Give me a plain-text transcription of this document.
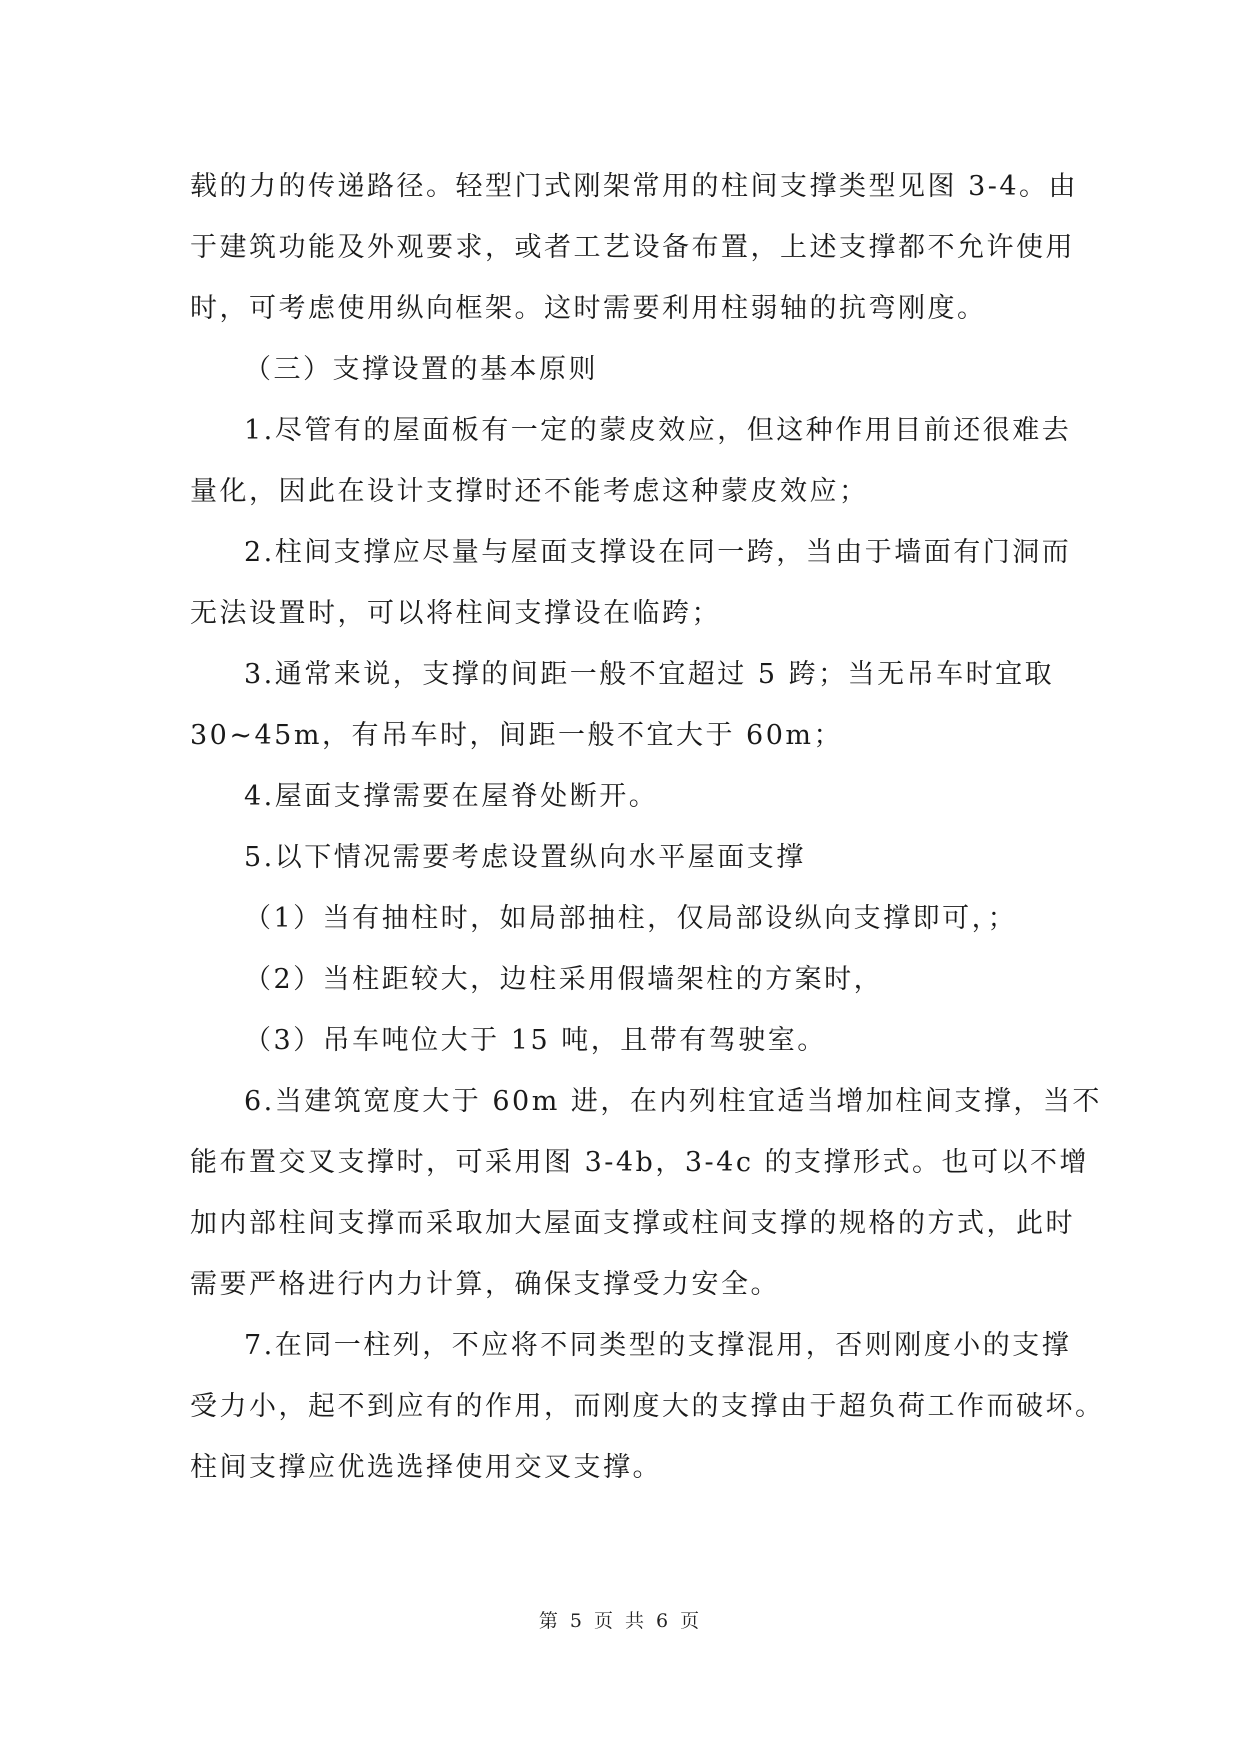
载的力的传递路径。轻型门式刚架常用的柱间支撑类型见图 3-4。由
于建筑功能及外观要求，或者工艺设备布置，上述支撑都不允许使用
时，可考虑使用纵向框架。这时需要利用柱弱轴的抗弯刚度。
（三）支撑设置的基本原则
1.尽管有的屋面板有一定的蒙皮效应，但这种作用目前还很难去
量化，因此在设计支撑时还不能考虑这种蒙皮效应；
2.柱间支撑应尽量与屋面支撑设在同一跨，当由于墙面有门洞而
无法设置时，可以将柱间支撑设在临跨；
3.通常来说，支撑的间距一般不宜超过 5 跨；当无吊车时宜取
30~45m，有吊车时，间距一般不宜大于 60m；
4.屋面支撑需要在屋脊处断开。
5.以下情况需要考虑设置纵向水平屋面支撑
（1）当有抽柱时，如局部抽柱，仅局部设纵向支撑即可，；
（2）当柱距较大，边柱采用假墙架柱的方案时，
（3）吊车吨位大于 15 吨，且带有驾驶室。
6.当建筑宽度大于 60m 进，在内列柱宜适当增加柱间支撑，当不
能布置交叉支撑时，可采用图 3-4b，3-4c 的支撑形式。也可以不增
加内部柱间支撑而采取加大屋面支撑或柱间支撑的规格的方式，此时
需要严格进行内力计算，确保支撑受力安全。
7.在同一柱列，不应将不同类型的支撑混用，否则刚度小的支撑
受力小，起不到应有的作用，而刚度大的支撑由于超负荷工作而破坏。
柱间支撑应优选选择使用交叉支撑。
第 5 页 共 6 页
